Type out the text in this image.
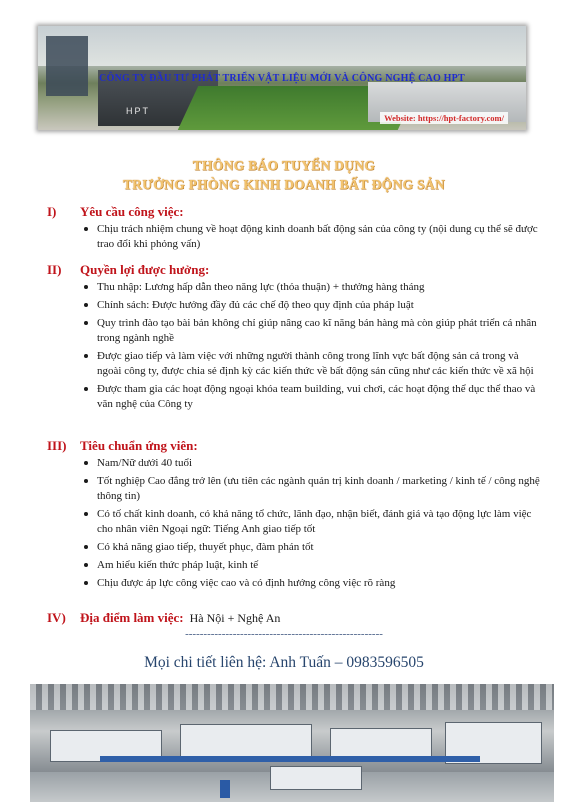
HPT
CÔNG TY ĐẦU TƯ PHÁT TRIỂN VẬT LIỆU MỚI VÀ CÔNG NGHỆ CAO HPT
Website: https://hpt-factory.com/
THÔNG BÁO TUYỂN DỤNG
TRƯỞNG PHÒNG KINH DOANH BẤT ĐỘNG SẢN
I) Yêu cầu công việc:
Chịu trách nhiệm chung về hoạt động kinh doanh bất động sản của công ty (nội dung cụ thể sẽ được trao đổi khi phỏng vấn)
II) Quyền lợi được hưởng:
Thu nhập: Lương hấp dẫn theo năng lực (thỏa thuận) + thưởng hàng tháng
Chính sách: Được hưởng đầy đủ các chế độ theo quy định của pháp luật
Quy trình đào tạo bài bản không chỉ giúp nâng cao kĩ năng bán hàng mà còn giúp phát triển cá nhân trong ngành nghề
Được giao tiếp và làm việc với những người thành công trong lĩnh vực bất động sản cả trong và ngoài công ty, được chia sẻ định kỳ các kiến thức về bất động sản cũng như các kiến thức về xã hội
Được tham gia các hoạt động ngoại khóa team building, vui chơi, các hoạt động thể dục thể thao và văn nghệ của Công ty
III) Tiêu chuẩn ứng viên:
Nam/Nữ dưới 40 tuổi
Tốt nghiệp Cao đẳng trở lên (ưu tiên các ngành quản trị kinh doanh / marketing / kinh tế / công nghệ thông tin)
Có tố chất kinh doanh, có khả năng tổ chức, lãnh đạo, nhận biết, đánh giá và tạo động lực làm việc cho nhân viên Ngoại ngữ: Tiếng Anh giao tiếp tốt
Có khả năng giao tiếp, thuyết phục, đàm phán tốt
Am hiểu kiến thức pháp luật, kinh tế
Chịu được áp lực công việc cao và có định hướng công việc rõ ràng
IV) Địa điểm làm việc: Hà Nội + Nghệ An
------------------------------------------------------
Mọi chi tiết liên hệ: Anh Tuấn – 0983596505
